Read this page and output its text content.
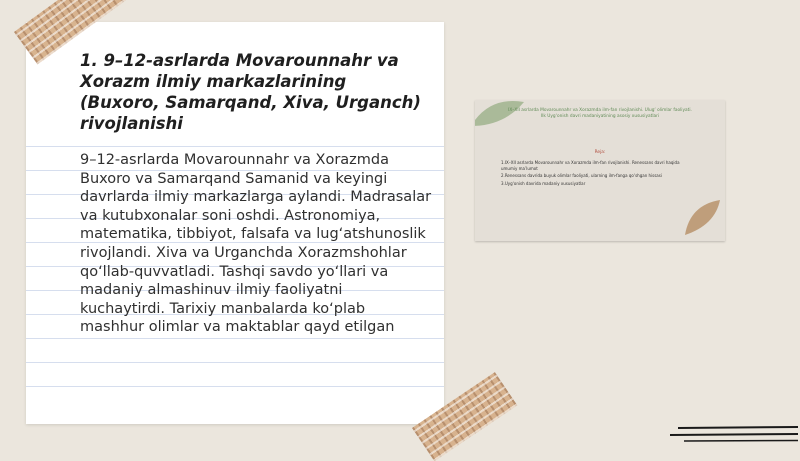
1. 9–12-asrlarda Movarounnahr va Xorazm ilmiy markazlarining (Buxoro, Samarqand, Xiva, Urganch) rivojlanishi

9–12-asrlarda Movarounnahr va Xorazmda Buxoro va Samarqand Samanid va keyingi davrlarda ilmiy markazlarga aylandi. Madrasalar va kutubxonalar soni oshdi. Astronomiya, matematika, tibbiyot, falsafa va lug‘atshunoslik rivojlandi. Xiva va Urganchda Xorazmshohlar qo‘llab-quvvatladi. Tashqi savdo yo‘llari va madaniy almashinuv ilmiy faoliyatni kuchaytirdi. Tarixiy manbalarda ko‘plab mashhur olimlar va maktablar qayd etilgan

IX–XII asrlarda Movarounnahr va Xorazmda ilm-fan rivojlanishi. Ulug‘ olimlar faoliyati. Ilk Uyg‘onish davri madaniyatining asosiy xususiyatlari
Reja:
1.IX–XII asrlarda Movarounnahr va Xorazmda ilm-fan rivojlanishi. Renessans davri haqida umumiy ma’lumot
2.Renessans davrida buyuk olimlar faoliyati, ularning ilm-fanga qo‘shgan hissasi
3.Uyg‘onish davrida madaniy xususiyatlar
